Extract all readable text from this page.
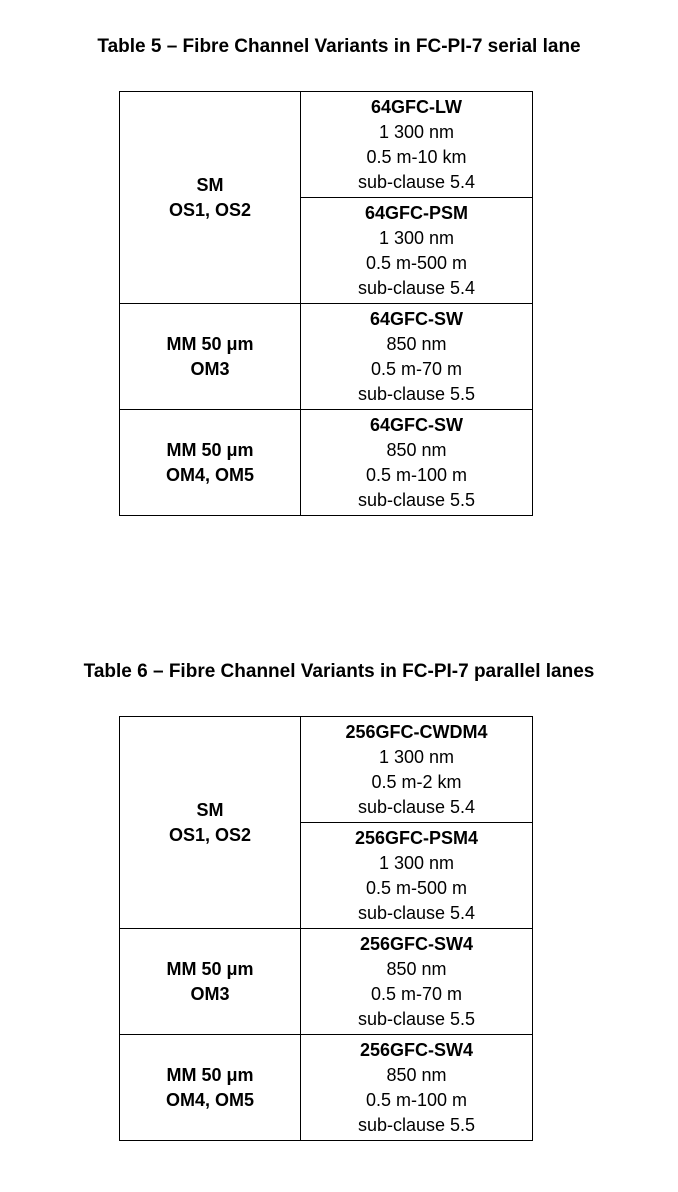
Table 5 – Fibre Channel Variants in FC-PI-7 serial lane

SM
OS1, OS2	64GFC-LW
1 300 nm
0.5 m-10 km
sub-clause 5.4

	64GFC-PSM
1 300 nm
0.5 m-500 m
sub-clause 5.4

MM 50 μm
OM3	64GFC-SW
850 nm
0.5 m-70 m
sub-clause 5.5

MM 50 μm
OM4, OM5	64GFC-SW
850 nm
0.5 m-100 m
sub-clause 5.5

Table 6 – Fibre Channel Variants in FC-PI-7 parallel lanes

SM
OS1, OS2	256GFC-CWDM4
1 300 nm
0.5 m-2 km
sub-clause 5.4

	256GFC-PSM4
1 300 nm
0.5 m-500 m
sub-clause 5.4

MM 50 μm
OM3	256GFC-SW4
850 nm
0.5 m-70 m
sub-clause 5.5

MM 50 μm
OM4, OM5	256GFC-SW4
850 nm
0.5 m-100 m
sub-clause 5.5
